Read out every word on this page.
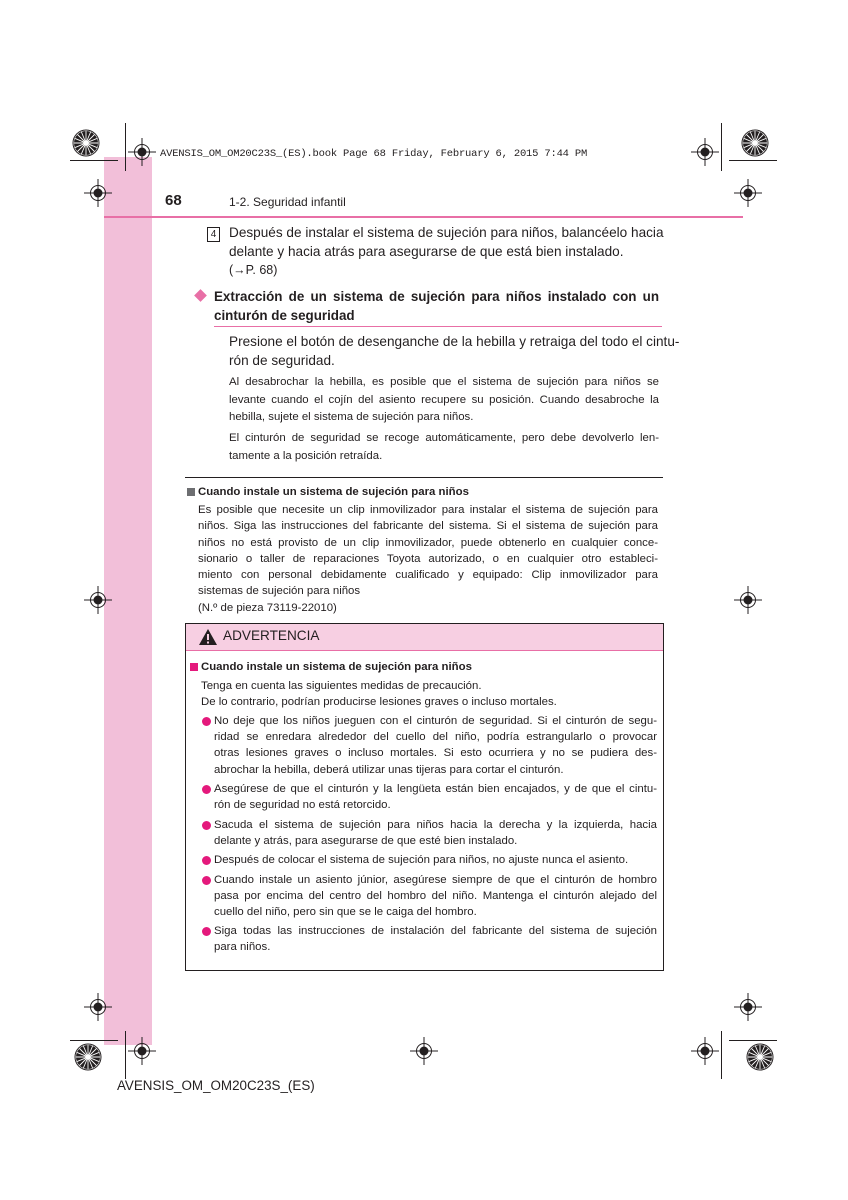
AVENSIS_OM_OM20C23S_(ES).book Page 68 Friday, February 6, 2015 7:44 PM
68	1-2. Seguridad infantil
4 Después de instalar el sistema de sujeción para niños, balancéelo hacia
delante y hacia atrás para asegurarse de que está bien instalado.
(→P. 68)
Extracción de un sistema de sujeción para niños instalado con un
cinturón de seguridad
Presione el botón de desenganche de la hebilla y retraiga del todo el cintu-
rón de seguridad.
Al desabrochar la hebilla, es posible que el sistema de sujeción para niños se
levante cuando el cojín del asiento recupere su posición. Cuando desabroche la
hebilla, sujete el sistema de sujeción para niños.
El cinturón de seguridad se recoge automáticamente, pero debe devolverlo len-
tamente a la posición retraída.
Cuando instale un sistema de sujeción para niños
Es posible que necesite un clip inmovilizador para instalar el sistema de sujeción para
niños. Siga las instrucciones del fabricante del sistema. Si el sistema de sujeción para
niños no está provisto de un clip inmovilizador, puede obtenerlo en cualquier conce-
sionario o taller de reparaciones Toyota autorizado, o en cualquier otro estableci-
miento con personal debidamente cualificado y equipado: Clip inmovilizador para
sistemas de sujeción para niños
(N.º de pieza 73119-22010)
ADVERTENCIA
Cuando instale un sistema de sujeción para niños
Tenga en cuenta las siguientes medidas de precaución.
De lo contrario, podrían producirse lesiones graves o incluso mortales.
No deje que los niños jueguen con el cinturón de seguridad. Si el cinturón de segu-
ridad se enredara alrededor del cuello del niño, podría estrangularlo o provocar
otras lesiones graves o incluso mortales. Si esto ocurriera y no se pudiera des-
abrochar la hebilla, deberá utilizar unas tijeras para cortar el cinturón.
Asegúrese de que el cinturón y la lengüeta están bien encajados, y de que el cintu-
rón de seguridad no está retorcido.
Sacuda el sistema de sujeción para niños hacia la derecha y la izquierda, hacia
delante y atrás, para asegurarse de que esté bien instalado.
Después de colocar el sistema de sujeción para niños, no ajuste nunca el asiento.
Cuando instale un asiento júnior, asegúrese siempre de que el cinturón de hombro
pasa por encima del centro del hombro del niño. Mantenga el cinturón alejado del
cuello del niño, pero sin que se le caiga del hombro.
Siga todas las instrucciones de instalación del fabricante del sistema de sujeción
para niños.
AVENSIS_OM_OM20C23S_(ES)
